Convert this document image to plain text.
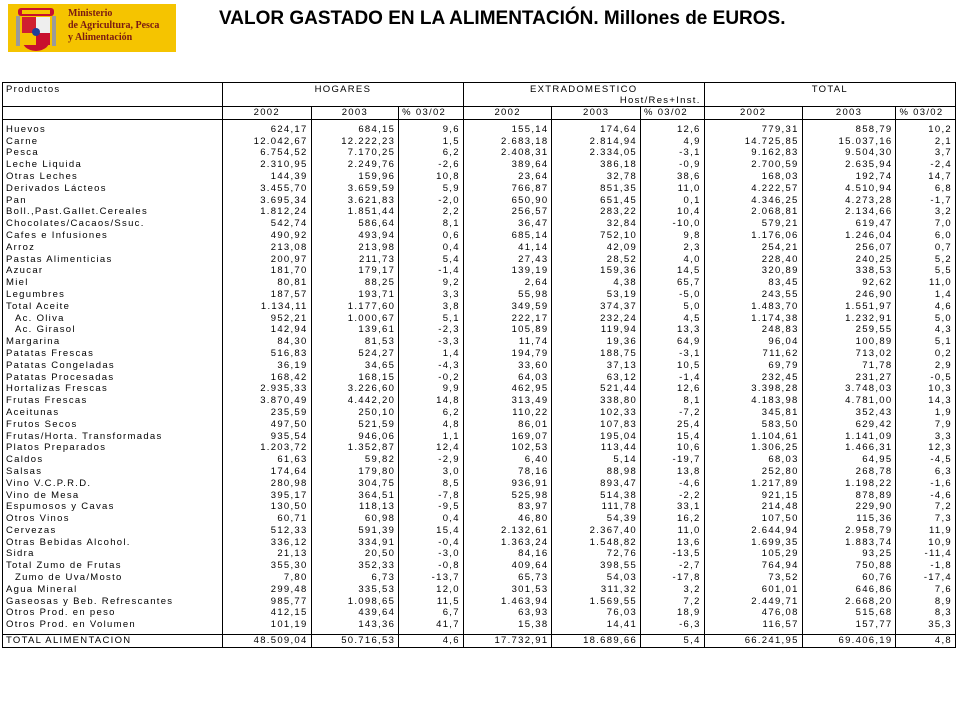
Ministerio
de Agricultura, Pesca
y Alimentación
VALOR GASTADO EN LA ALIMENTACIÓN. Millones de EUROS.
Productos	HOGARES			EXTRADOMESTICO			TOTAL		
				Host/Res+Inst.					
	2002	2003	% 03/02	2002	2003	% 03/02	2002	2003	% 03/02

Huevos	624,17	684,15	9,6	155,14	174,64	12,6	779,31	858,79	10,2
Carne	12.042,67	12.222,23	1,5	2.683,18	2.814,94	4,9	14.725,85	15.037,16	2,1
Pesca	6.754,52	7.170,25	6,2	2.408,31	2.334,05	-3,1	9.162,83	9.504,30	3,7
Leche Liquida	2.310,95	2.249,76	-2,6	389,64	386,18	-0,9	2.700,59	2.635,94	-2,4
Otras Leches	144,39	159,96	10,8	23,64	32,78	38,6	168,03	192,74	14,7
Derivados Lácteos	3.455,70	3.659,59	5,9	766,87	851,35	11,0	4.222,57	4.510,94	6,8
Pan	3.695,34	3.621,83	-2,0	650,90	651,45	0,1	4.346,25	4.273,28	-1,7
Boll.,Past.Gallet.Cereales	1.812,24	1.851,44	2,2	256,57	283,22	10,4	2.068,81	2.134,66	3,2
Chocolates/Cacaos/Ssuc.	542,74	586,64	8,1	36,47	32,84	-10,0	579,21	619,47	7,0
Cafes e Infusiones	490,92	493,94	0,6	685,14	752,10	9,8	1.176,06	1.246,04	6,0
Arroz	213,08	213,98	0,4	41,14	42,09	2,3	254,21	256,07	0,7
Pastas Alimenticias	200,97	211,73	5,4	27,43	28,52	4,0	228,40	240,25	5,2
Azucar	181,70	179,17	-1,4	139,19	159,36	14,5	320,89	338,53	5,5
Miel	80,81	88,25	9,2	2,64	4,38	65,7	83,45	92,62	11,0
Legumbres	187,57	193,71	3,3	55,98	53,19	-5,0	243,55	246,90	1,4
Total Aceite	1.134,11	1.177,60	3,8	349,59	374,37	5,0	1.483,70	1.551,97	4,6
Ac. Oliva	952,21	1.000,67	5,1	222,17	232,24	4,5	1.174,38	1.232,91	5,0
Ac. Girasol	142,94	139,61	-2,3	105,89	119,94	13,3	248,83	259,55	4,3
Margarina	84,30	81,53	-3,3	11,74	19,36	64,9	96,04	100,89	5,1
Patatas Frescas	516,83	524,27	1,4	194,79	188,75	-3,1	711,62	713,02	0,2
Patatas Congeladas	36,19	34,65	-4,3	33,60	37,13	10,5	69,79	71,78	2,9
Patatas Procesadas	168,42	168,15	-0,2	64,03	63,12	-1,4	232,45	231,27	-0,5
Hortalizas Frescas	2.935,33	3.226,60	9,9	462,95	521,44	12,6	3.398,28	3.748,03	10,3
Frutas Frescas	3.870,49	4.442,20	14,8	313,49	338,80	8,1	4.183,98	4.781,00	14,3
Aceitunas	235,59	250,10	6,2	110,22	102,33	-7,2	345,81	352,43	1,9
Frutos Secos	497,50	521,59	4,8	86,01	107,83	25,4	583,50	629,42	7,9
Frutas/Horta. Transformadas	935,54	946,06	1,1	169,07	195,04	15,4	1.104,61	1.141,09	3,3
Platos Preparados	1.203,72	1.352,87	12,4	102,53	113,44	10,6	1.306,25	1.466,31	12,3
Caldos	61,63	59,82	-2,9	6,40	5,14	-19,7	68,03	64,95	-4,5
Salsas	174,64	179,80	3,0	78,16	88,98	13,8	252,80	268,78	6,3
Vino V.C.P.R.D.	280,98	304,75	8,5	936,91	893,47	-4,6	1.217,89	1.198,22	-1,6
Vino de Mesa	395,17	364,51	-7,8	525,98	514,38	-2,2	921,15	878,89	-4,6
Espumosos y Cavas	130,50	118,13	-9,5	83,97	111,78	33,1	214,48	229,90	7,2
Otros Vinos	60,71	60,98	0,4	46,80	54,39	16,2	107,50	115,36	7,3
Cervezas	512,33	591,39	15,4	2.132,61	2.367,40	11,0	2.644,94	2.958,79	11,9
Otras Bebidas Alcohol.	336,12	334,91	-0,4	1.363,24	1.548,82	13,6	1.699,35	1.883,74	10,9
Sidra	21,13	20,50	-3,0	84,16	72,76	-13,5	105,29	93,25	-11,4
Total Zumo de Frutas	355,30	352,33	-0,8	409,64	398,55	-2,7	764,94	750,88	-1,8
Zumo de Uva/Mosto	7,80	6,73	-13,7	65,73	54,03	-17,8	73,52	60,76	-17,4
Agua Mineral	299,48	335,53	12,0	301,53	311,32	3,2	601,01	646,86	7,6
Gaseosas y Beb. Refrescantes	985,77	1.098,65	11,5	1.463,94	1.569,55	7,2	2.449,71	2.668,20	8,9
Otros Prod. en peso	412,15	439,64	6,7	63,93	76,03	18,9	476,08	515,68	8,3
Otros Prod. en Volumen	101,19	143,36	41,7	15,38	14,41	-6,3	116,57	157,77	35,3

TOTAL ALIMENTACION	48.509,04	50.716,53	4,6	17.732,91	18.689,66	5,4	66.241,95	69.406,19	4,8
